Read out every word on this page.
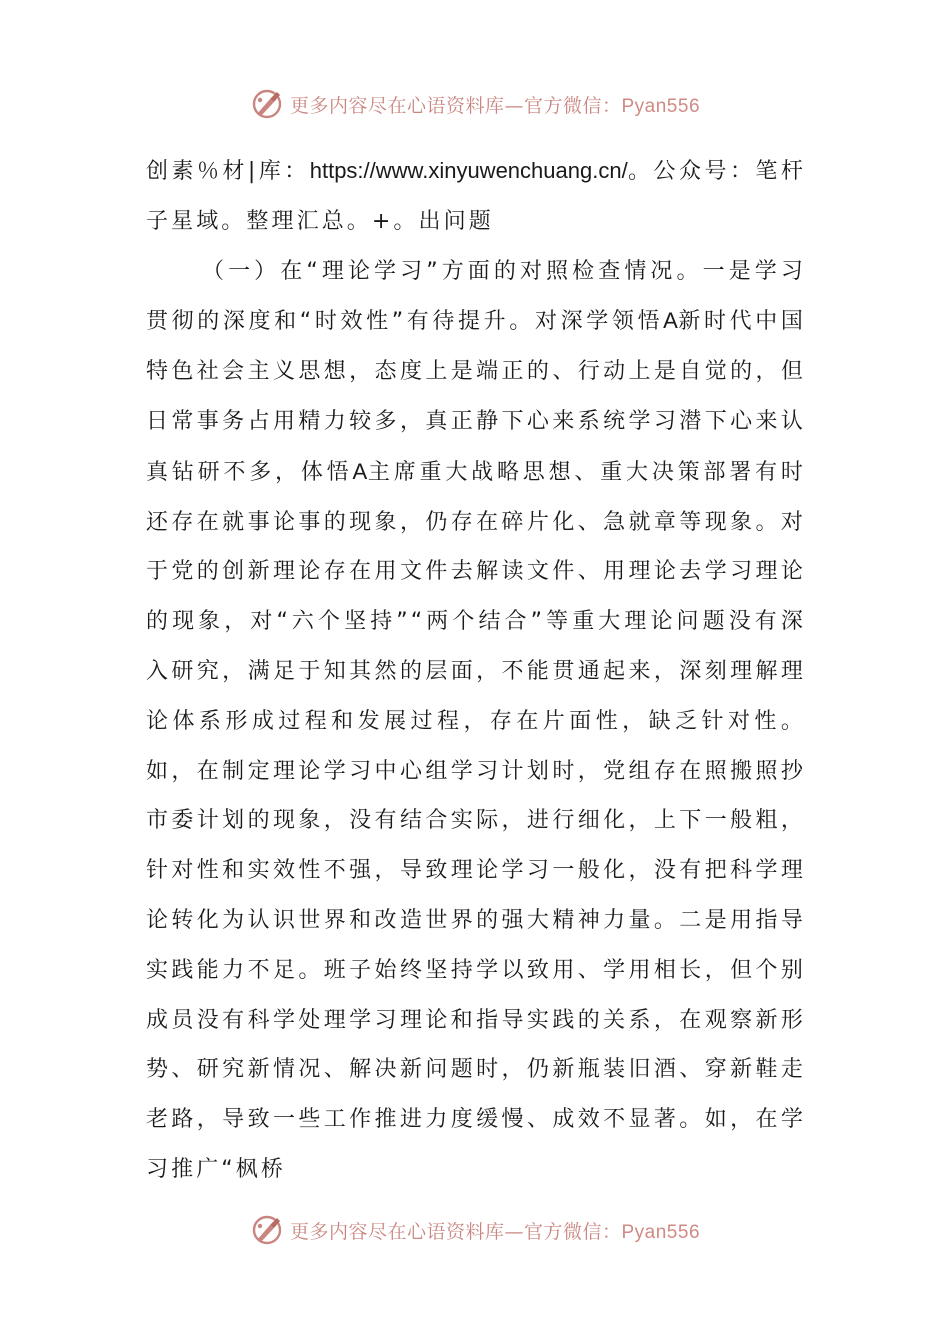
更多内容尽在心语资料库—官方微信：Pyan556

创素％材|库：https://www.xinyuwenchuang.cn/。公众号：笔杆子星域。整理汇总。+。出问题

（一）在“理论学习”方面的对照检查情况。一是学习贯彻的深度和“时效性”有待提升。对深学领悟A新时代中国特色社会主义思想，态度上是端正的、行动上是自觉的，但日常事务占用精力较多，真正静下心来系统学习潜下心来认真钻研不多，体悟A主席重大战略思想、重大决策部署有时还存在就事论事的现象，仍存在碎片化、急就章等现象。对于党的创新理论存在用文件去解读文件、用理论去学习理论的现象，对“六个坚持”“两个结合”等重大理论问题没有深入研究，满足于知其然的层面，不能贯通起来，深刻理解理论体系形成过程和发展过程，存在片面性，缺乏针对性。如，在制定理论学习中心组学习计划时，党组存在照搬照抄市委计划的现象，没有结合实际，进行细化，上下一般粗，针对性和实效性不强，导致理论学习一般化，没有把科学理论转化为认识世界和改造世界的强大精神力量。二是用指导实践能力不足。班子始终坚持学以致用、学用相长，但个别成员没有科学处理学习理论和指导实践的关系，在观察新形势、研究新情况、解决新问题时，仍新瓶装旧酒、穿新鞋走老路，导致一些工作推进力度缓慢、成效不显著。如，在学习推广“枫桥

更多内容尽在心语资料库—官方微信：Pyan556
